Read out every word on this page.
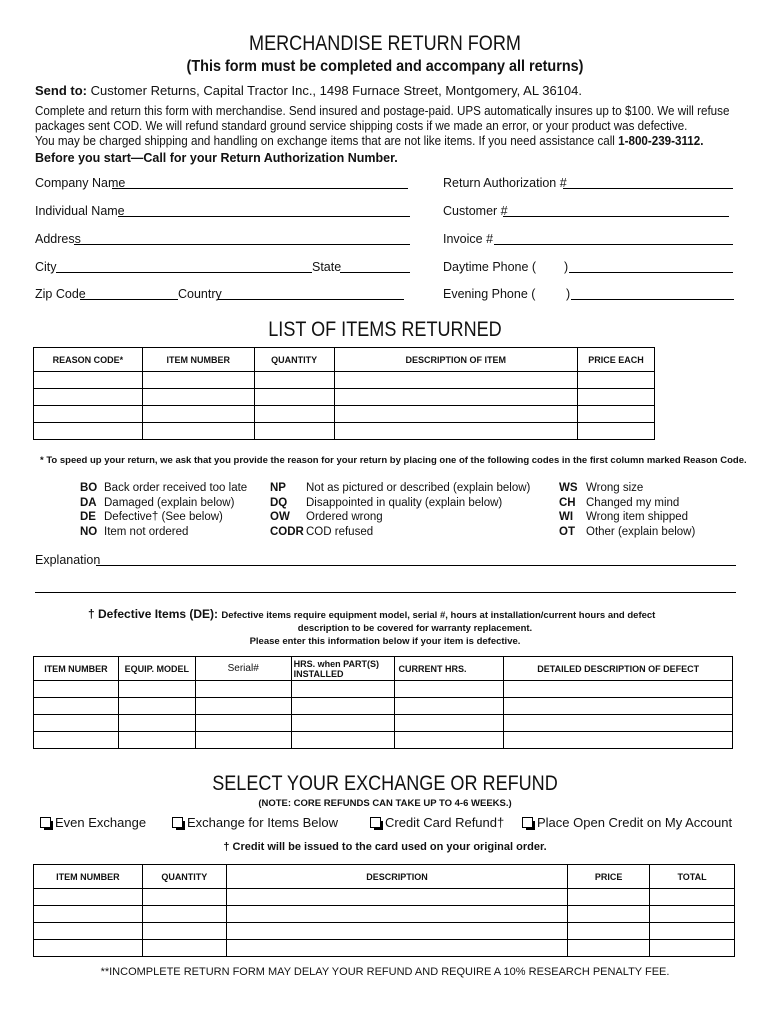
MERCHANDISE RETURN FORM
(This form must be completed and accompany all returns)
Send to: Customer Returns, Capital Tractor Inc., 1498 Furnace Street, Montgomery, AL 36104.
Complete and return this form with merchandise. Send insured and postage-paid. UPS automatically insures up to $100. We will refuse
packages sent COD. We will refund standard ground service shipping costs if we made an error, or your product was defective.
You may be charged shipping and handling on exchange items that are not like items. If you need assistance call 1-800-239-3112.
Before you start—Call for your Return Authorization Number.
Company Name
Individual Name
Address
City	State
Zip Code	Country
Return Authorization #
Customer #
Invoice #
Daytime Phone ( )
Evening Phone ( )
LIST OF ITEMS RETURNED
REASON CODE*	ITEM NUMBER	QUANTITY	DESCRIPTION OF ITEM	PRICE EACH

* To speed up your return, we ask that you provide the reason for your return by placing one of the following codes in the first column marked Reason Code.
BO Back order received too late
DA Damaged (explain below)
DE Defective† (See below)
NO Item not ordered
NP Not as pictured or described (explain below)
DQ Disappointed in quality (explain below)
OW Ordered wrong
CODR COD refused
WS Wrong size
CH Changed my mind
WI Wrong item shipped
OT Other (explain below)
Explanation
† Defective Items (DE): Defective items require equipment model, serial #, hours at installation/current hours and defect
description to be covered for warranty replacement.
Please enter this information below if your item is defective.
ITEM NUMBER	EQUIP. MODEL	Serial#	HRS. when PART(S) INSTALLED	CURRENT HRS.	DETAILED DESCRIPTION OF DEFECT

SELECT YOUR EXCHANGE OR REFUND
(NOTE: CORE REFUNDS CAN TAKE UP TO 4-6 WEEKS.)
Even Exchange	Exchange for Items Below	Credit Card Refund†	Place Open Credit on My Account
† Credit will be issued to the card used on your original order.
ITEM NUMBER	QUANTITY	DESCRIPTION	PRICE	TOTAL

**INCOMPLETE RETURN FORM MAY DELAY YOUR REFUND AND REQUIRE A 10% RESEARCH PENALTY FEE.
